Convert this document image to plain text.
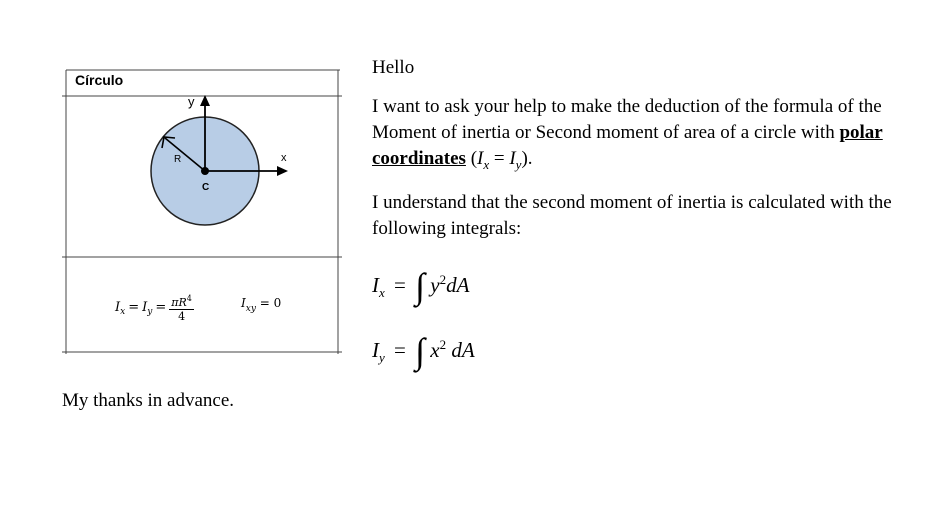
Círculo
y
x
R
C
I x = I $y = \frac{\pi R^4}{4}$	$I_{xy} = 0$
Hello
I want to ask your help to make the deduction of the formula of the Moment of inertia or Second moment of area of a circle with polar coordinates $(I_x = I_y)$.
I understand that the second moment of inertia is calculated with the following integrals:
$I_x$ = ∫ $y^2dA$
$I_y$ = ∫ $x^2$ dA
My thanks in advance.
